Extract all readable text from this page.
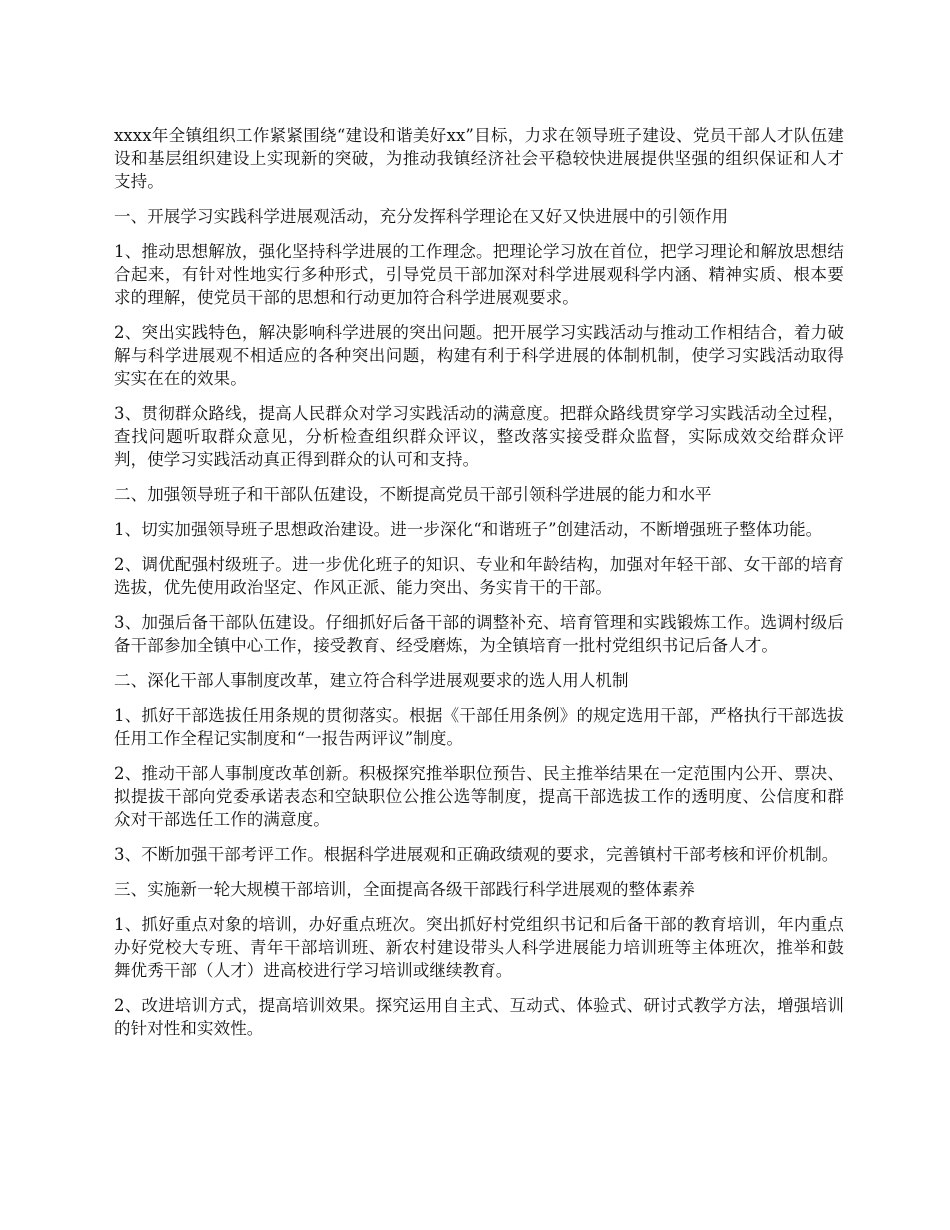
xxxx年全镇组织工作紧紧围绕“建设和谐美好xx”目标，力求在领导班子建设、党员干部人才队伍建设和基层组织建设上实现新的突破，为推动我镇经济社会平稳较快进展提供坚强的组织保证和人才支持。

一、开展学习实践科学进展观活动，充分发挥科学理论在又好又快进展中的引领作用

1、推动思想解放，强化坚持科学进展的工作理念。把理论学习放在首位，把学习理论和解放思想结合起来，有针对性地实行多种形式，引导党员干部加深对科学进展观科学内涵、精神实质、根本要求的理解，使党员干部的思想和行动更加符合科学进展观要求。

2、突出实践特色，解决影响科学进展的突出问题。把开展学习实践活动与推动工作相结合，着力破解与科学进展观不相适应的各种突出问题，构建有利于科学进展的体制机制，使学习实践活动取得实实在在的效果。

3、贯彻群众路线，提高人民群众对学习实践活动的满意度。把群众路线贯穿学习实践活动全过程，查找问题听取群众意见，分析检查组织群众评议，整改落实接受群众监督，实际成效交给群众评判，使学习实践活动真正得到群众的认可和支持。

二、加强领导班子和干部队伍建设，不断提高党员干部引领科学进展的能力和水平

1、切实加强领导班子思想政治建设。进一步深化“和谐班子”创建活动，不断增强班子整体功能。

2、调优配强村级班子。进一步优化班子的知识、专业和年龄结构，加强对年轻干部、女干部的培育选拔，优先使用政治坚定、作风正派、能力突出、务实肯干的干部。

3、加强后备干部队伍建设。仔细抓好后备干部的调整补充、培育管理和实践锻炼工作。选调村级后备干部参加全镇中心工作，接受教育、经受磨炼，为全镇培育一批村党组织书记后备人才。

二、深化干部人事制度改革，建立符合科学进展观要求的选人用人机制

1、抓好干部选拔任用条规的贯彻落实。根据《干部任用条例》的规定选用干部，严格执行干部选拔任用工作全程记实制度和“一报告两评议”制度。

2、推动干部人事制度改革创新。积极探究推举职位预告、民主推举结果在一定范围内公开、票决、拟提拔干部向党委承诺表态和空缺职位公推公选等制度，提高干部选拔工作的透明度、公信度和群众对干部选任工作的满意度。

3、不断加强干部考评工作。根据科学进展观和正确政绩观的要求，完善镇村干部考核和评价机制。

三、实施新一轮大规模干部培训，全面提高各级干部践行科学进展观的整体素养

1、抓好重点对象的培训，办好重点班次。突出抓好村党组织书记和后备干部的教育培训，年内重点办好党校大专班、青年干部培训班、新农村建设带头人科学进展能力培训班等主体班次，推举和鼓舞优秀干部（人才）进高校进行学习培训或继续教育。

2、改进培训方式，提高培训效果。探究运用自主式、互动式、体验式、研讨式教学方法，增强培训的针对性和实效性。
